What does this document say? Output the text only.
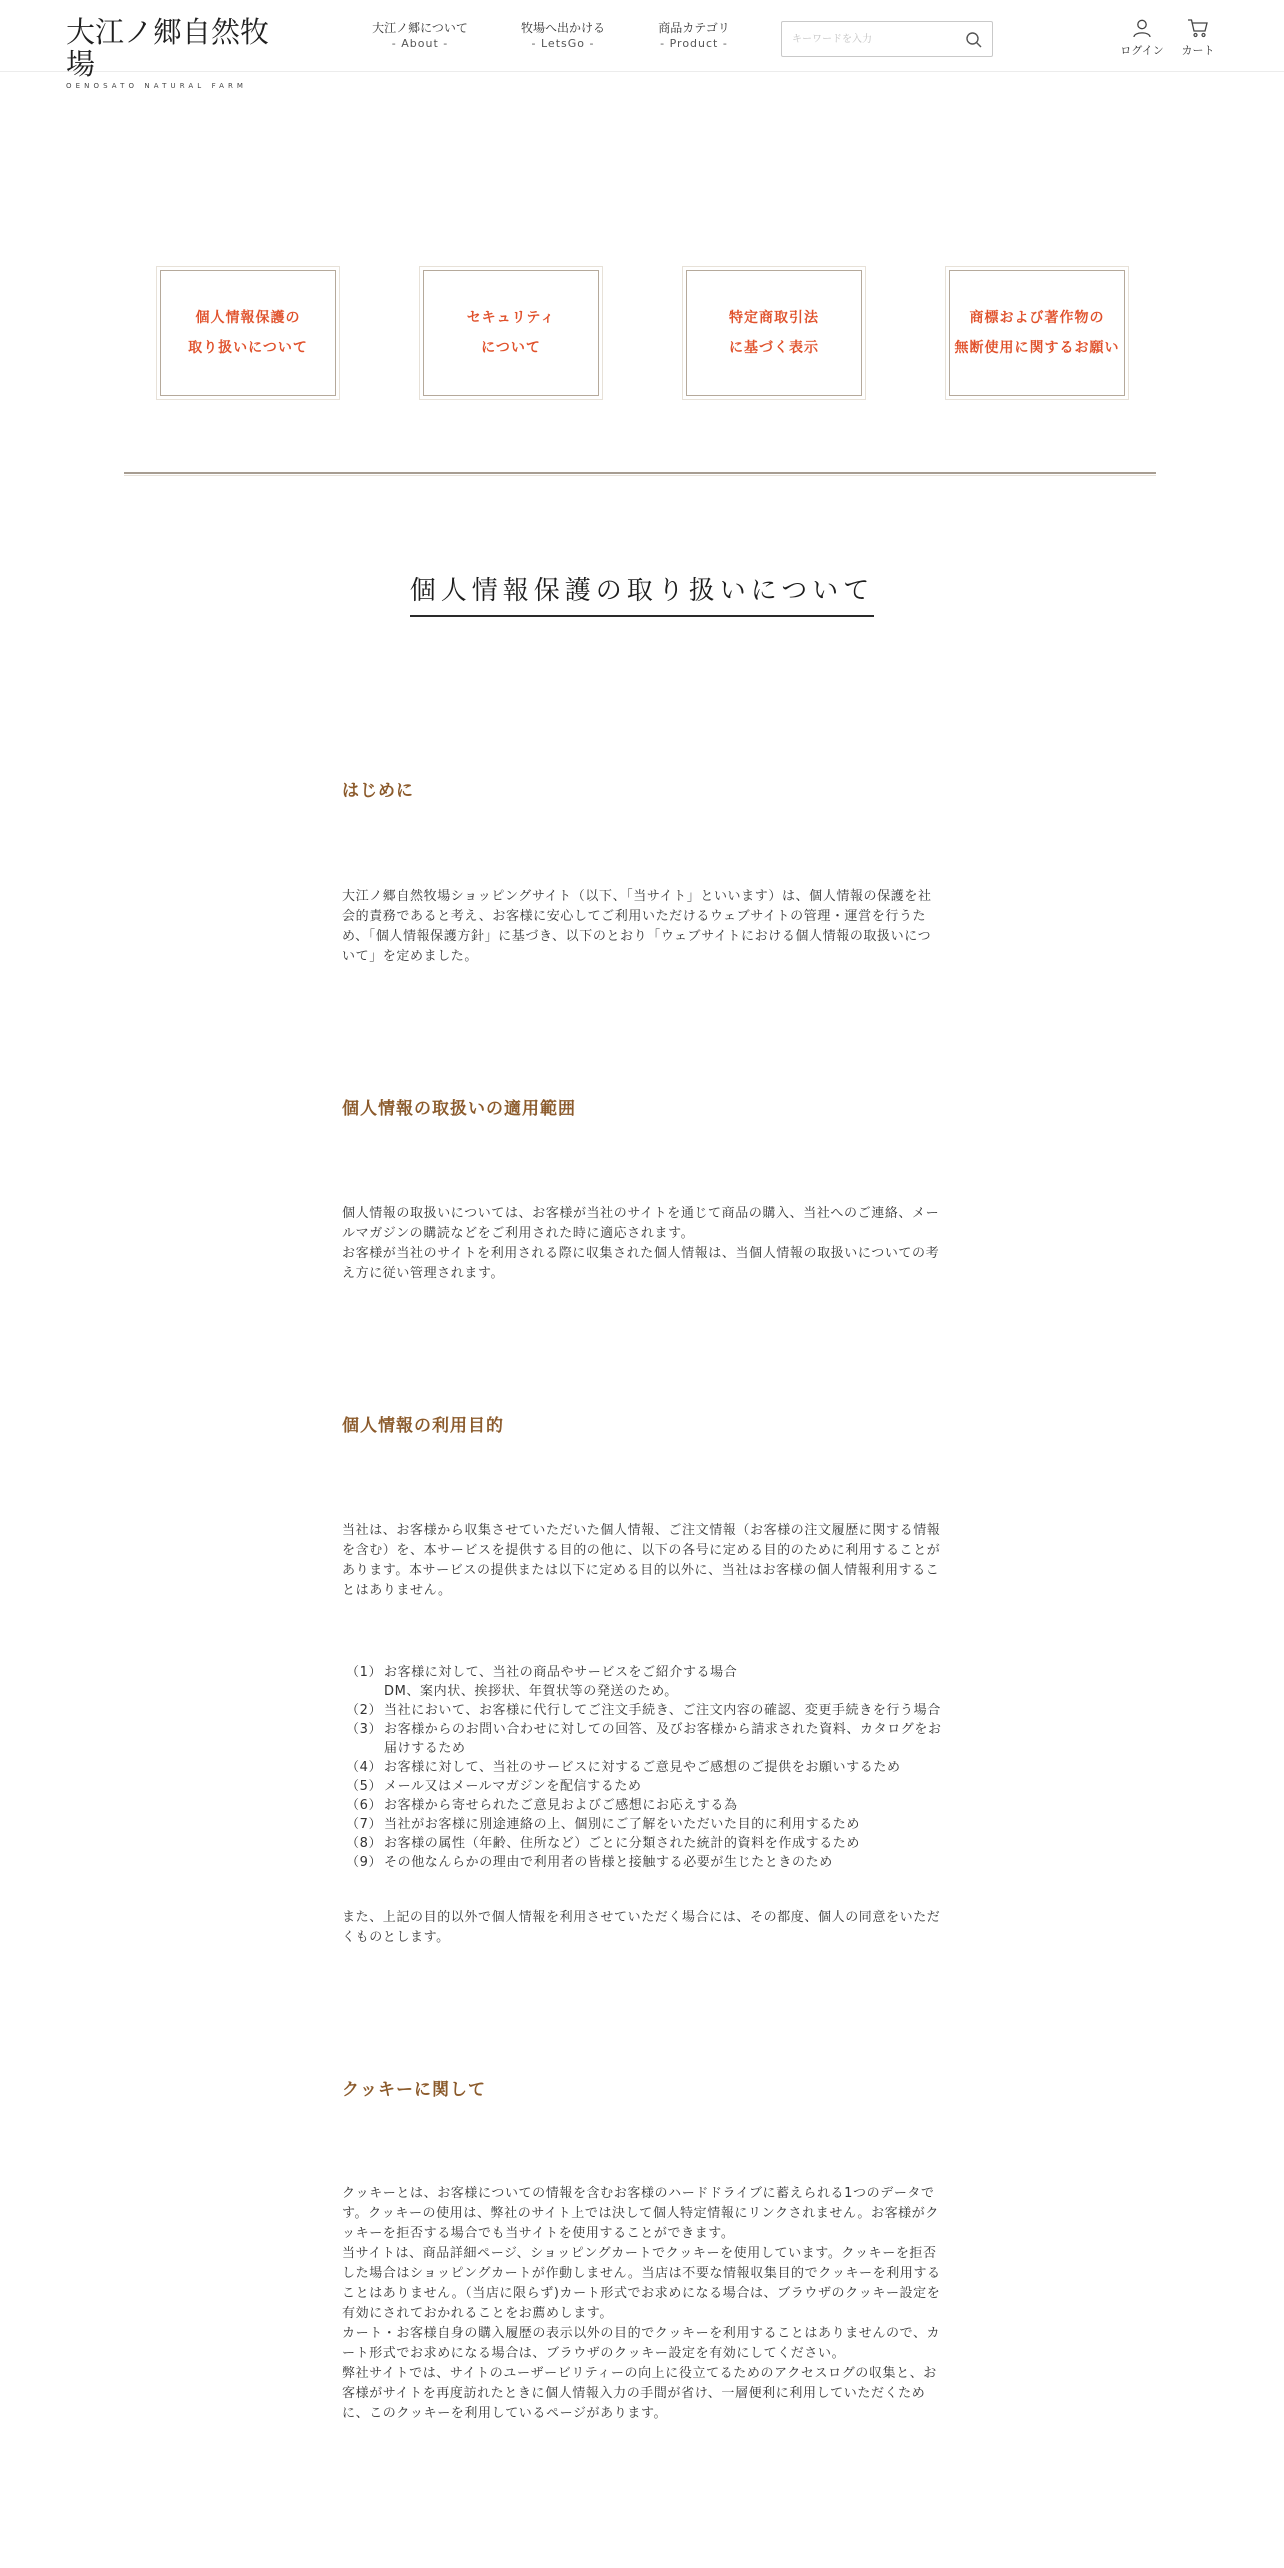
大江ノ郷自然牧場
OENOSATO NATURAL FARM
大江ノ郷について
- About -
牧場へ出かける
- LetsGo -
商品カテゴリ
- Product -
キーワードを入力
ログイン	カート
個人情報保護の
取り扱いについて
セキュリティ
について
特定商取引法
に基づく表示
商標および著作物の
無断使用に関するお願い
個人情報保護の取り扱いについて
はじめに

大江ノ郷自然牧場ショッピングサイト（以下、「当サイト」といいます）は、個人情報の保護を社会的責務であると考え、お客様に安心してご利用いただけるウェブサイトの管理・運営を行うため、「個人情報保護方針」に基づき、以下のとおり「ウェブサイトにおける個人情報の取扱いについて」を定めました。

個人情報の取扱いの適用範囲

個人情報の取扱いについては、お客様が当社のサイトを通じて商品の購入、当社へのご連絡、メールマガジンの購読などをご利用された時に適応されます。
お客様が当社のサイトを利用される際に収集された個人情報は、当個人情報の取扱いについての考え方に従い管理されます。

個人情報の利用目的

当社は、お客様から収集させていただいた個人情報、ご注文情報（お客様の注文履歴に関する情報を含む）を、本サービスを提供する目的の他に、以下の各号に定める目的のために利用することがあります。本サービスの提供または以下に定める目的以外に、当社はお客様の個人情報利用することはありません。

（1） お客様に対して、当社の商品やサービスをご紹介する場合
DM、案内状、挨拶状、年賀状等の発送のため。
（2） 当社において、お客様に代行してご注文手続き、ご注文内容の確認、変更手続きを行う場合
（3） お客様からのお問い合わせに対しての回答、及びお客様から請求された資料、カタログをお届けするため
（4） お客様に対して、当社のサービスに対するご意見やご感想のご提供をお願いするため
（5） メール又はメールマガジンを配信するため
（6） お客様から寄せられたご意見およびご感想にお応えする為
（7） 当社がお客様に別途連絡の上、個別にご了解をいただいた目的に利用するため
（8） お客様の属性（年齢、住所など）ごとに分類された統計的資料を作成するため
（9） その他なんらかの理由で利用者の皆様と接触する必要が生じたときのため

また、上記の目的以外で個人情報を利用させていただく場合には、その都度、個人の同意をいただくものとします。

クッキーに関して

クッキーとは、お客様についての情報を含むお客様のハードドライブに蓄えられる1つのデータです。クッキーの使用は、弊社のサイト上では決して個人特定情報にリンクされません。お客様がクッキーを拒否する場合でも当サイトを使用することができます。
当サイトは、商品詳細ページ、ショッピングカートでクッキーを使用しています。クッキーを拒否した場合はショッピングカートが作動しません。当店は不要な情報収集目的でクッキーを利用することはありません。（当店に限らず)カート形式でお求めになる場合は、ブラウザのクッキー設定を有効にされておかれることをお薦めします。
カート・お客様自身の購入履歴の表示以外の目的でクッキーを利用することはありませんので、カート形式でお求めになる場合は、ブラウザのクッキー設定を有効にしてください。
弊社サイトでは、サイトのユーザービリティーの向上に役立てるためのアクセスログの収集と、お客様がサイトを再度訪れたときに個人情報入力の手間が省け、一層便利に利用していただくために、このクッキーを利用しているページがあります。
